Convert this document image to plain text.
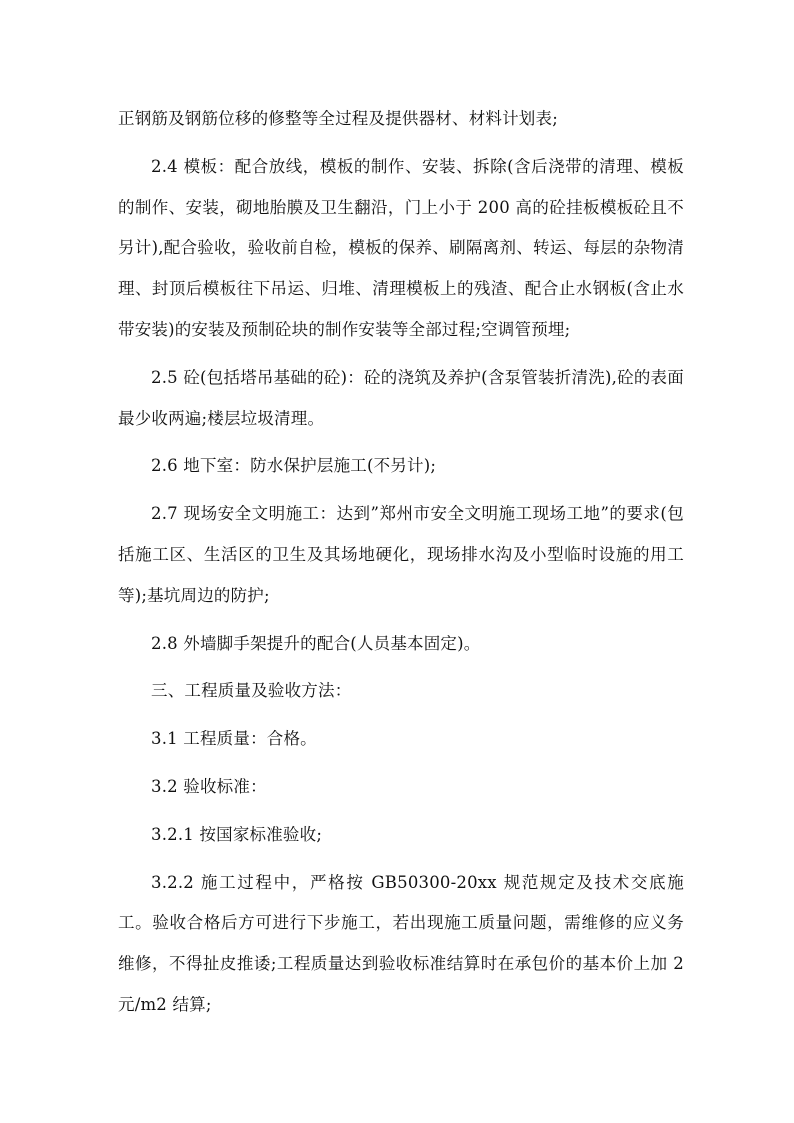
正钢筋及钢筋位移的修整等全过程及提供器材、材料计划表;

2.4 模板：配合放线，模板的制作、安装、拆除(含后浇带的清理、模板的制作、安装，砌地胎膜及卫生翻沿，门上小于 200 高的砼挂板模板砼且不另计),配合验收，验收前自检，模板的保养、刷隔离剂、转运、每层的杂物清理、封顶后模板往下吊运、归堆、清理模板上的残渣、配合止水钢板(含止水带安装)的安装及预制砼块的制作安装等全部过程;空调管预埋;

2.5 砼(包括塔吊基础的砼)：砼的浇筑及养护(含泵管装折清洗),砼的表面最少收两遍;楼层垃圾清理。

2.6 地下室：防水保护层施工(不另计);

2.7 现场安全文明施工：达到”郑州市安全文明施工现场工地”的要求(包括施工区、生活区的卫生及其场地硬化，现场排水沟及小型临时设施的用工等);基坑周边的防护;

2.8 外墙脚手架提升的配合(人员基本固定)。

三、工程质量及验收方法：

3.1 工程质量：合格。

3.2 验收标准：

3.2.1 按国家标准验收;

3.2.2 施工过程中，严格按 GB50300-20xx 规范规定及技术交底施工。验收合格后方可进行下步施工，若出现施工质量问题，需维修的应义务维修，不得扯皮推诿;工程质量达到验收标准结算时在承包价的基本价上加 2 元/m2 结算;
